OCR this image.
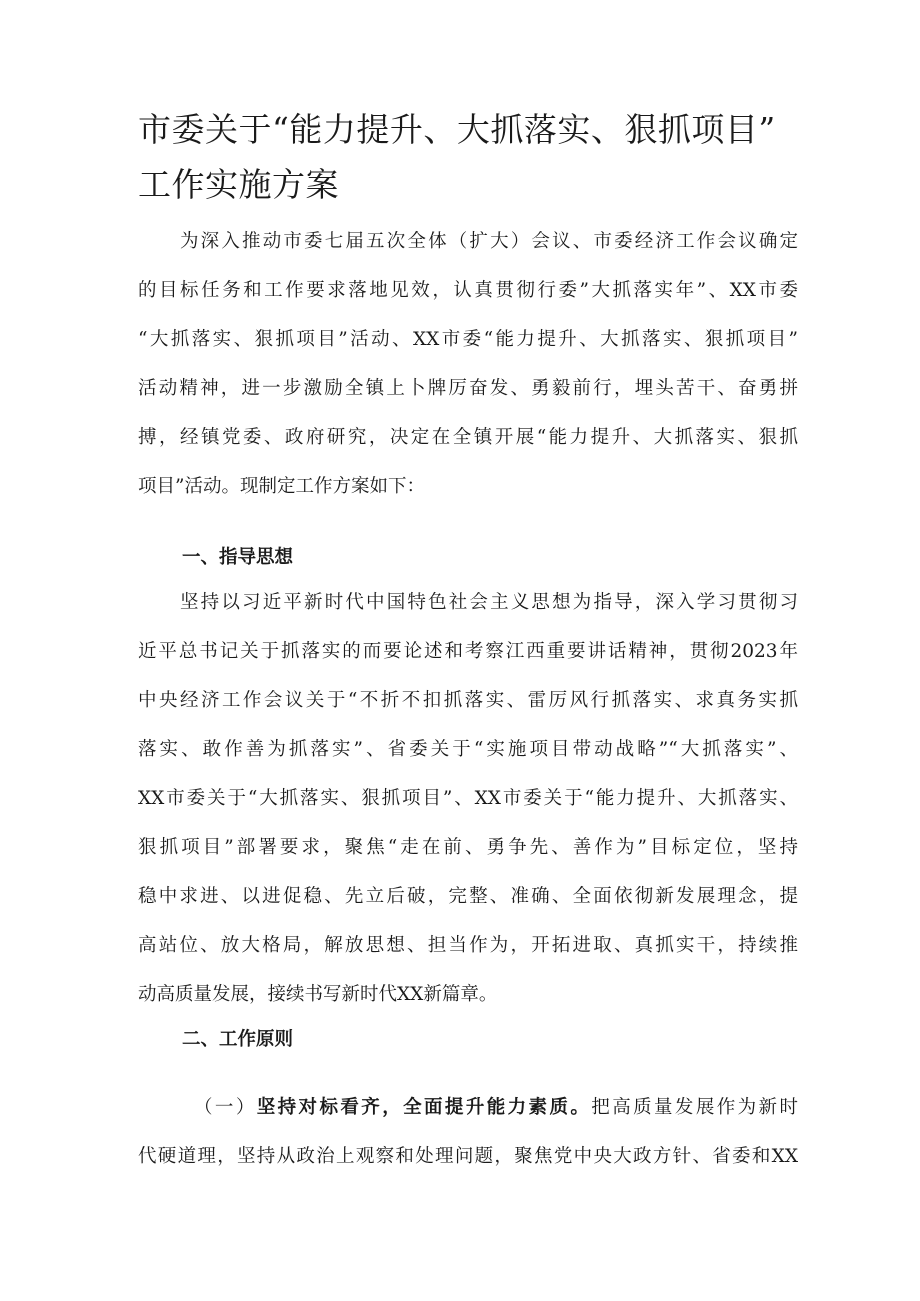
市委关于“能力提升、大抓落实、狠抓项目”
工作实施方案
为深入推动市委七届五次全体（扩大）会议、市委经济工作会议确定
的目标任务和工作要求落地见效，认真贯彻行委”大抓落实年”、XX市委
“大抓落实、狠抓项目”活动、XX市委“能力提升、大抓落实、狠抓项目”
活动精神，进一步激励全镇上卜牌厉奋发、勇毅前行，埋头苦干、奋勇拼
搏，经镇党委、政府研究，决定在全镇开展“能力提升、大抓落实、狠抓
项目”活动。现制定工作方案如下：
一、指导思想
坚持以习近平新时代中国特色社会主义思想为指导，深入学习贯彻习
近平总书记关于抓落实的而要论述和考察江西重要讲话精神，贯彻2023年
中央经济工作会议关于“不折不扣抓落实、雷厉风行抓落实、求真务实抓
落实、敢作善为抓落实”、省委关于“实施项目带动战略”“大抓落实”、
XX市委关于“大抓落实、狠抓项目”、XX市委关于“能力提升、大抓落实、
狠抓项目”部署要求，聚焦“走在前、勇争先、善作为”目标定位，坚持
稳中求进、以进促稳、先立后破，完整、准确、全面依彻新发展理念，提
高站位、放大格局，解放思想、担当作为，开拓进取、真抓实干，持续推
动高质量发展，接续书写新时代XX新篇章。
二、工作原则
（一）坚持对标看齐，全面提升能力素质。把高质量发展作为新时
代硬道理，坚持从政治上观察和处理问题，聚焦党中央大政方针、省委和XX
